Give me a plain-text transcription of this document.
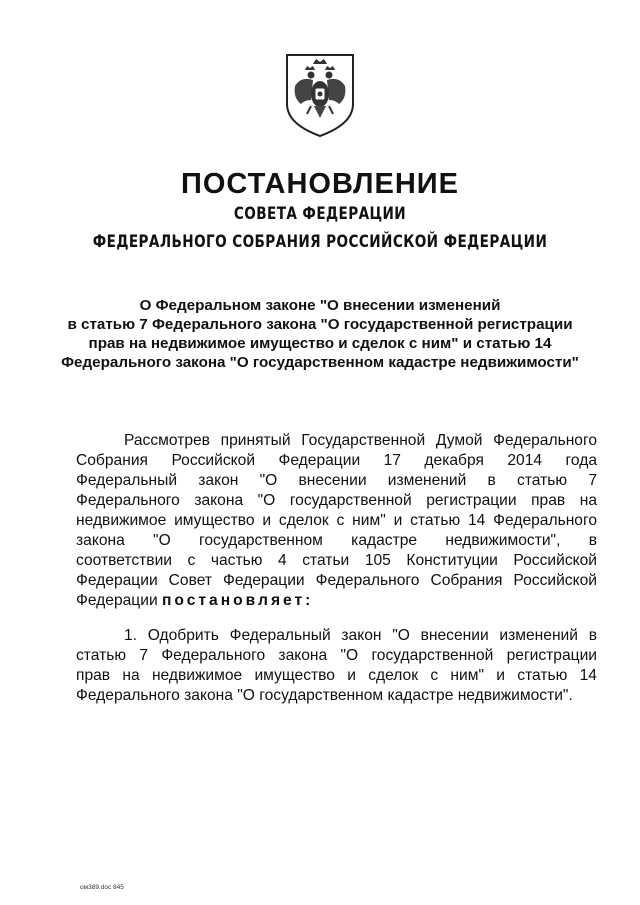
ПОСТАНОВЛЕНИЕ
СОВЕТА ФЕДЕРАЦИИ
ФЕДЕРАЛЬНОГО СОБРАНИЯ РОССИЙСКОЙ ФЕДЕРАЦИИ
О Федеральном законе "О внесении изменений
в статью 7 Федерального закона "О государственной регистрации
прав на недвижимое имущество и сделок с ним" и статью 14
Федерального закона "О государственном кадастре недвижимости"
Рассмотрев принятый Государственной Думой Федерального
Собрания Российской Федерации 17 декабря 2014 года
Федеральный закон "О внесении изменений в статью 7
Федерального закона "О государственной регистрации прав на
недвижимое имущество и сделок с ним" и статью 14 Федерального
закона "О государственном кадастре недвижимости", в
соответствии с частью 4 статьи 105 Конституции Российской
Федерации Совет Федерации Федерального Собрания Российской
Федерации постановляет:
1. Одобрить Федеральный закон "О внесении изменений в
статью 7 Федерального закона "О государственной регистрации
прав на недвижимое имущество и сделок с ним" и статью 14
Федерального закона "О государственном кадастре недвижимости".
ом389.doc 845
